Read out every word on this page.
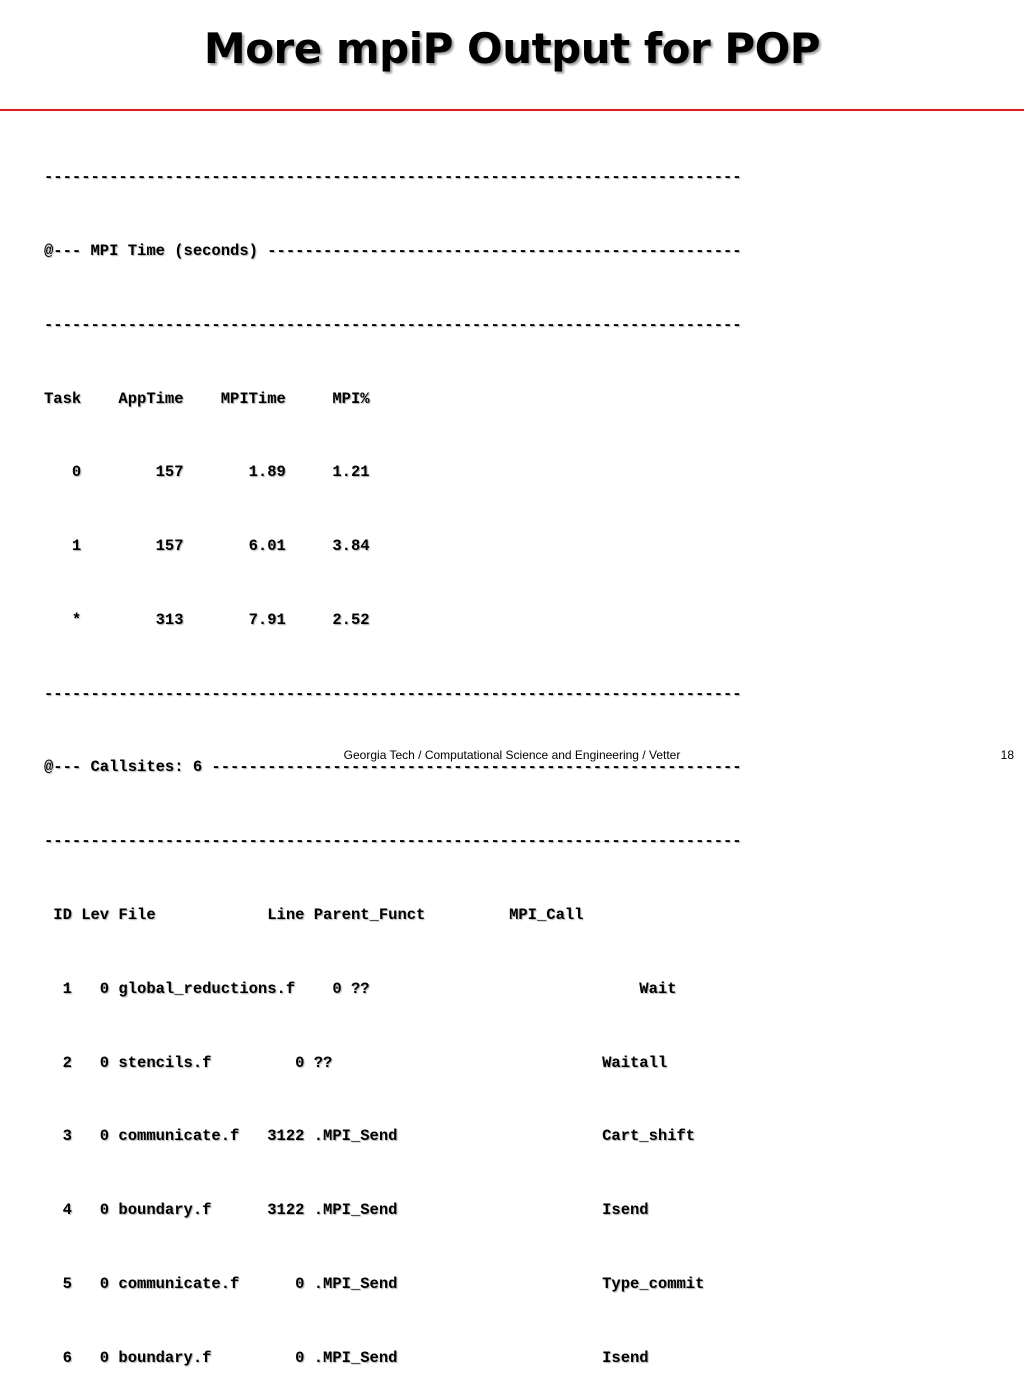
More mpiP Output for POP

---------------------------------------------------------------------------

@--- MPI Time (seconds) ---------------------------------------------------

---------------------------------------------------------------------------

Task    AppTime    MPITime     MPI%

0        157       1.89     1.21

1        157       6.01     3.84

*        313       7.91     2.52

---------------------------------------------------------------------------

@--- Callsites: 6 ---------------------------------------------------------

---------------------------------------------------------------------------

ID Lev File            Line Parent_Funct         MPI_Call

1   0 global_reductions.f    0 ??                             Wait

2   0 stencils.f         0 ??                             Waitall

3   0 communicate.f   3122 .MPI_Send                      Cart_shift

4   0 boundary.f      3122 .MPI_Send                      Isend

5   0 communicate.f      0 .MPI_Send                      Type_commit

6   0 boundary.f         0 .MPI_Send                      Isend

Georgia Tech / Computational Science and Engineering / Vetter	18
